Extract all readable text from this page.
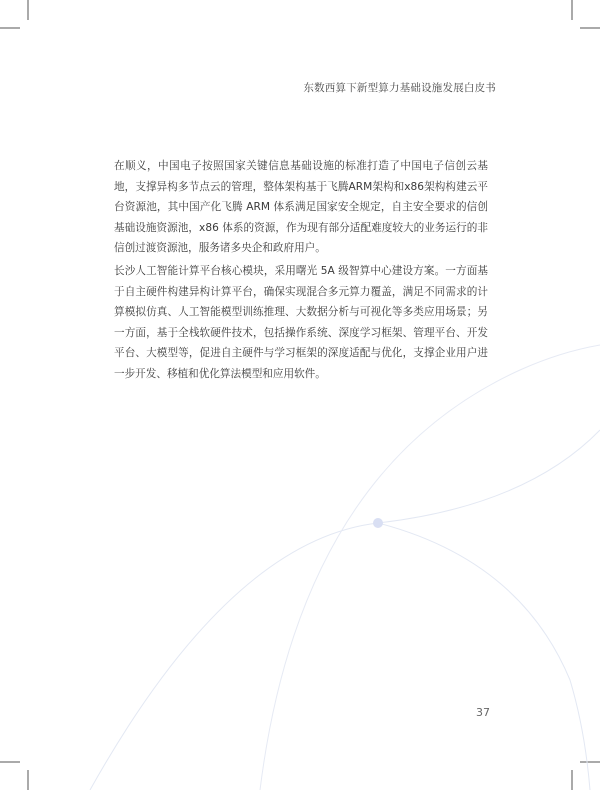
东数西算下新型算力基础设施发展白皮书

在顺义，中国电子按照国家关键信息基础设施的标准打造了中国电子信创云基地，支撑异构多节点云的管理，整体架构基于飞腾ARM架构和x86架构构建云平台资源池，其中国产化飞腾 ARM 体系满足国家安全规定，自主安全要求的信创基础设施资源池，x86 体系的资源，作为现有部分适配难度较大的业务运行的非信创过渡资源池，服务诸多央企和政府用户。

长沙人工智能计算平台核心模块，采用曙光 5A 级智算中心建设方案。一方面基于自主硬件构建异构计算平台，确保实现混合多元算力覆盖，满足不同需求的计算模拟仿真、人工智能模型训练推理、大数据分析与可视化等多类应用场景；另一方面，基于全栈软硬件技术，包括操作系统、深度学习框架、管理平台、开发平台、大模型等，促进自主硬件与学习框架的深度适配与优化，支撑企业用户进一步开发、移植和优化算法模型和应用软件。

37
